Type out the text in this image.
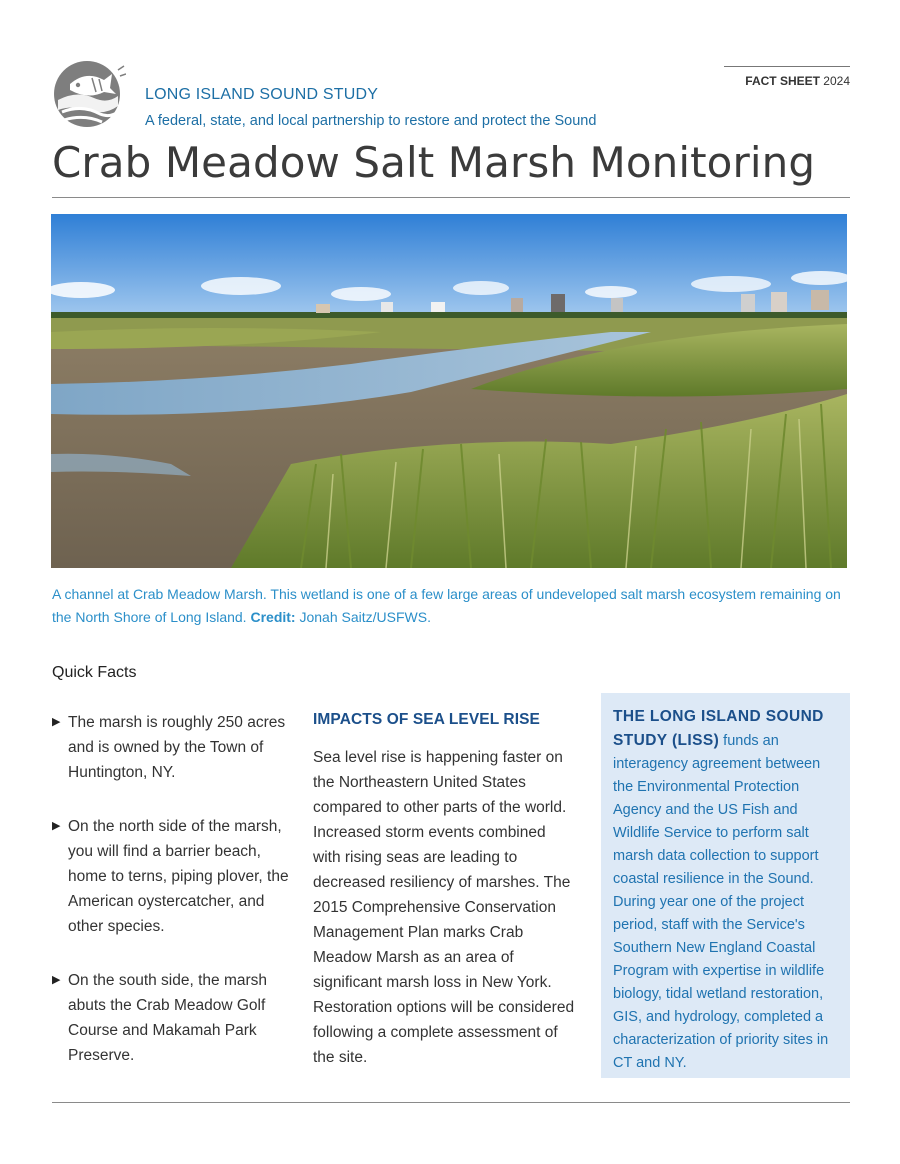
LONG ISLAND SOUND STUDY
A federal, state, and local partnership to restore and protect the Sound
FACT SHEET 2024
Crab Meadow Salt Marsh Monitoring
A channel at Crab Meadow Marsh. This wetland is one of a few large areas of undeveloped salt marsh ecosystem remaining on the North Shore of Long Island. Credit: Jonah Saitz/USFWS.
Quick Facts
▶ The marsh is roughly 250 acres and is owned by the Town of Huntington, NY.
▶ On the north side of the marsh, you will find a barrier beach, home to terns, piping plover, the American oystercatcher, and other species.
▶ On the south side, the marsh abuts the Crab Meadow Golf Course and Makamah Park Preserve.
IMPACTS OF SEA LEVEL RISE
Sea level rise is happening faster on the Northeastern United States compared to other parts of the world. Increased storm events combined with rising seas are leading to decreased resiliency of marshes. The 2015 Comprehensive Conservation Management Plan marks Crab Meadow Marsh as an area of significant marsh loss in New York. Restoration options will be considered following a complete assessment of the site.
THE LONG ISLAND SOUND STUDY (LISS) funds an interagency agreement between the Environmental Protection Agency and the US Fish and Wildlife Service to perform salt marsh data collection to support coastal resilience in the Sound. During year one of the project period, staff with the Service's Southern New England Coastal Program with expertise in wildlife biology, tidal wetland restoration, GIS, and hydrology, completed a characterization of priority sites in CT and NY.
